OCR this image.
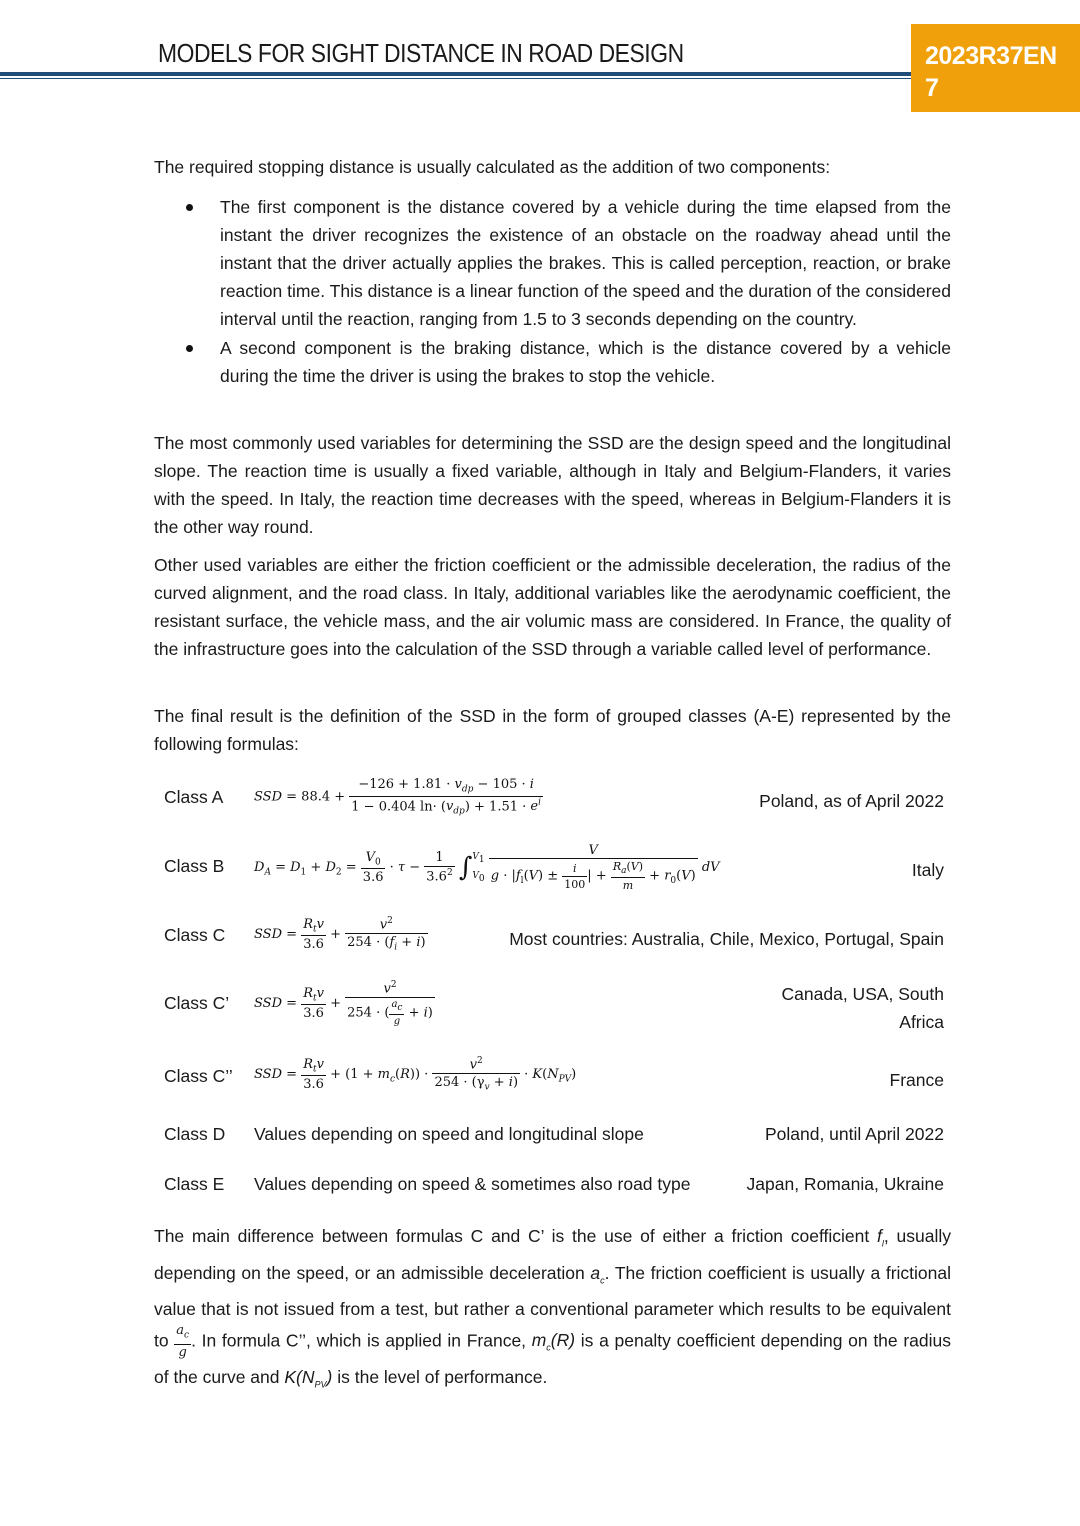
MODELS FOR SIGHT DISTANCE IN ROAD DESIGN	2023R37EN
7
The required stopping distance is usually calculated as the addition of two components:
The first component is the distance covered by a vehicle during the time elapsed from the instant the driver recognizes the existence of an obstacle on the roadway ahead until the instant that the driver actually applies the brakes. This is called perception, reaction, or brake reaction time. This distance is a linear function of the speed and the duration of the considered interval until the reaction, ranging from 1.5 to 3 seconds depending on the country.
A second component is the braking distance, which is the distance covered by a vehicle during the time the driver is using the brakes to stop the vehicle.
The most commonly used variables for determining the SSD are the design speed and the longitudinal slope. The reaction time is usually a fixed variable, although in Italy and Belgium-Flanders, it varies with the speed. In Italy, the reaction time decreases with the speed, whereas in Belgium-Flanders it is the other way round.
Other used variables are either the friction coefficient or the admissible deceleration, the radius of the curved alignment, and the road class. In Italy, additional variables like the aerodynamic coefficient, the resistant surface, the vehicle mass, and the air volumic mass are considered. In France, the quality of the infrastructure goes into the calculation of the SSD through a variable called level of performance.
The final result is the definition of the SSD in the form of grouped classes (A-E) represented by the following formulas:
Class A	Poland, as of April 2022
SSD = $88.4 + \frac{-126 + 1.81 \cdot v_{dp} - 105 \cdot i}{1 - 0.404 \ln\cdot (v_{dp}) + 1.51 \cdot e^i}$
Class B	Italy
$D_A = D_1 + D_2 = \frac{V_0}{3.6} \cdot \tau - \frac{1}{3.6^2} \int V_1$
$V_0 \frac{V}{g \cdot |f_l(V) \pm \frac{i}{100} | + \frac{R_a(V)}{m} + r_0(V)}$ dV
Class C	Most countries: Australia, Chile, Mexico, Portugal, Spain
SSD = $\frac{R_tv}{3.6} + \frac{v^2}{254 \cdot (f_i + i)}$
Class C’	Canada, USA, South
Africa
SSD = $\frac{R_tv}{3.6} + \frac{v^2}{254 \cdot ( \frac{a_c}{g} + i)}$
Class C’’	France
SSD = $\frac{R_tv}{3.6} + (1 + m_c(R)) \cdot \frac{v^2}{254 \cdot (\gamma_v + i)} \cdot K(N_{PV})$
Class D Values depending on speed and longitudinal slope	Poland, until April 2022
Class E Values depending on speed & sometimes also road type	Japan, Romania, Ukraine
The main difference between formulas C and C’ is the use of either a friction coefficient $f_l$, usually depending on the speed, or an admissible deceleration $a_c$. The friction coefficient is usually a frictional value that is not issued from a test, but rather a conventional parameter which results to be equivalent to $\frac{a_c}{g}$ . In formula C’’, which is applied in France, $m_c(R)$ is a penalty coefficient depending on the radius of the curve and $K(N_{PV})$ is the level of performance.
